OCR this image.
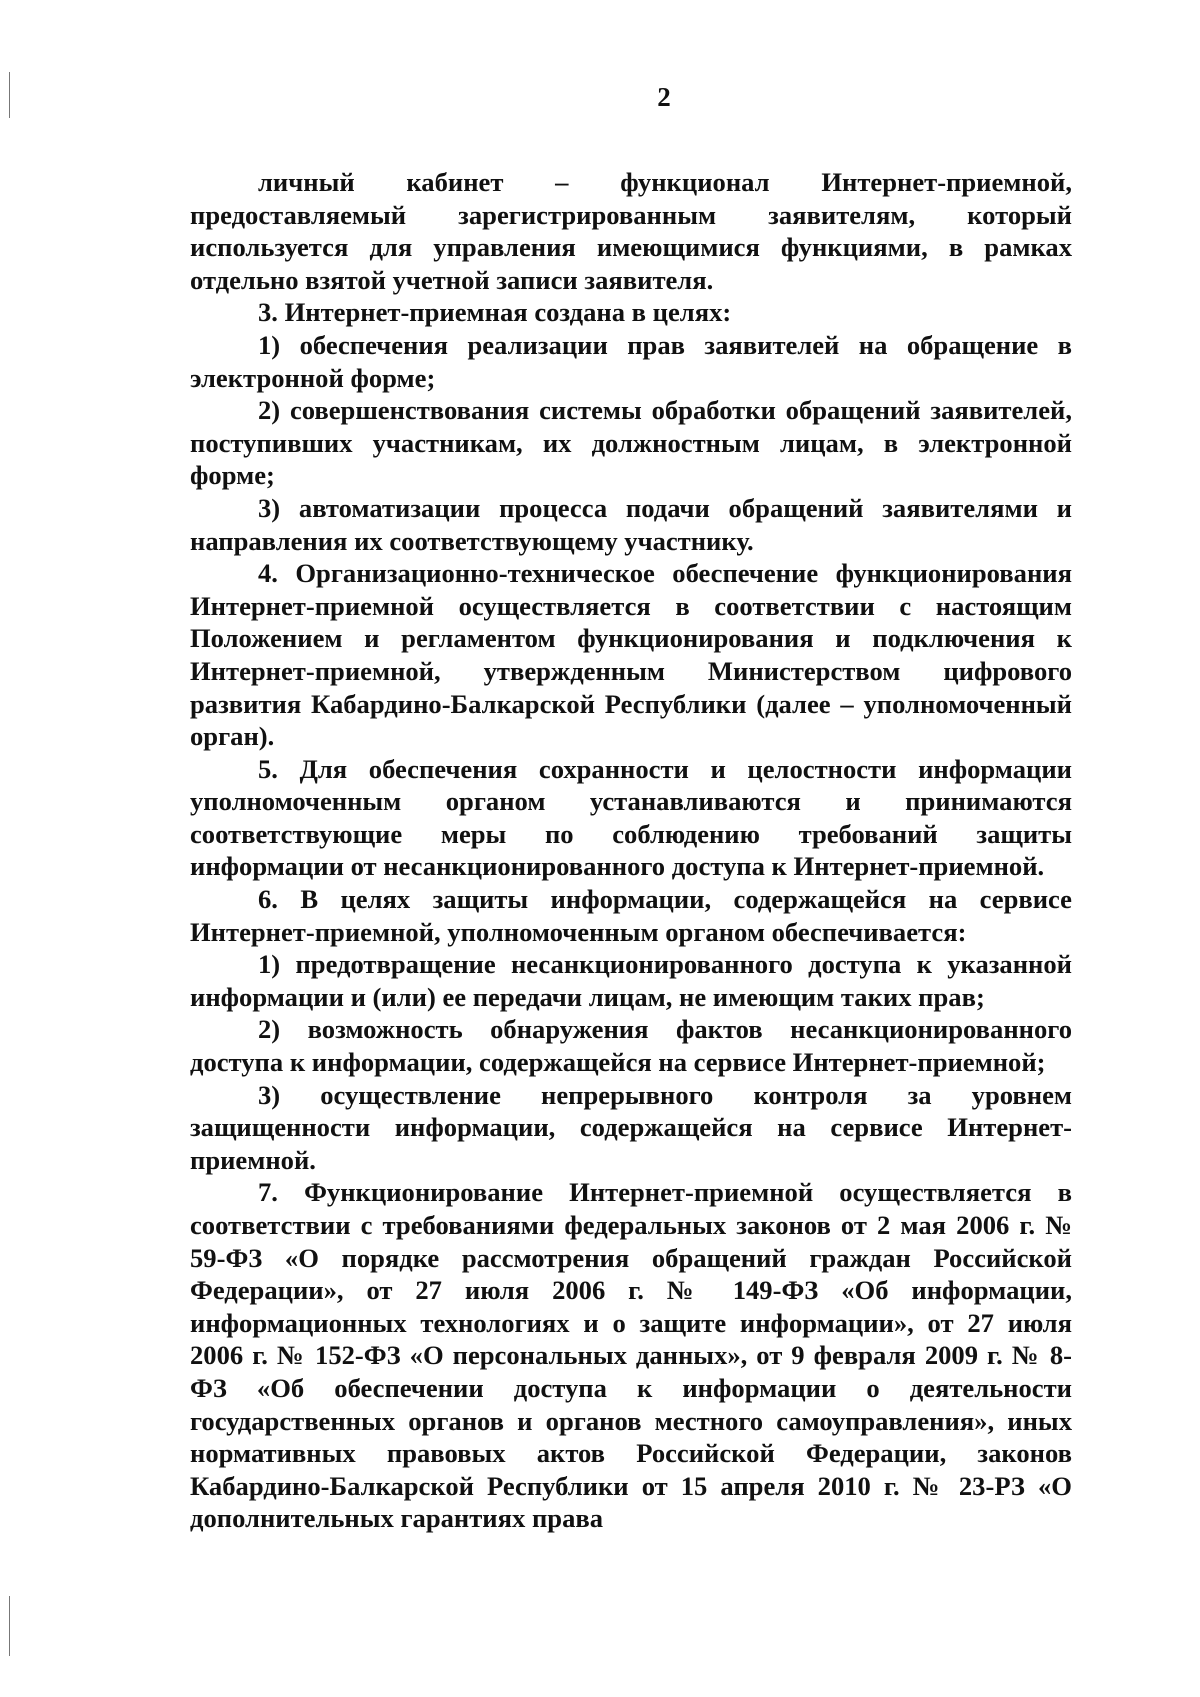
2

личный кабинет – функционал Интернет-приемной, предоставляемый зарегистрированным заявителям, который используется для управления имеющимися функциями, в рамках отдельно взятой учетной записи заявителя.

3. Интернет-приемная создана в целях:

1) обеспечения реализации прав заявителей на обращение в электронной форме;

2) совершенствования системы обработки обращений заявителей, поступивших участникам, их должностным лицам, в электронной форме;

3) автоматизации процесса подачи обращений заявителями и направления их соответствующему участнику.

4. Организационно-техническое обеспечение функционирования Интернет-приемной осуществляется в соответствии с настоящим Положением и регламентом функционирования и подключения к Интернет-приемной, утвержденным Министерством цифрового развития Кабардино-Балкарской Республики (далее – уполномоченный орган).

5. Для обеспечения сохранности и целостности информации уполномоченным органом устанавливаются и принимаются соответствующие меры по соблюдению требований защиты информации от несанкционированного доступа к Интернет-приемной.

6. В целях защиты информации, содержащейся на сервисе Интернет-приемной, уполномоченным органом обеспечивается:

1) предотвращение несанкционированного доступа к указанной информации и (или) ее передачи лицам, не имеющим таких прав;

2) возможность обнаружения фактов несанкционированного доступа к информации, содержащейся на сервисе Интернет-приемной;

3) осуществление непрерывного контроля за уровнем защищенности информации, содержащейся на сервисе Интернет-приемной.

7. Функционирование Интернет-приемной осуществляется в соответствии с требованиями федеральных законов от 2 мая 2006 г. № 59-ФЗ «О порядке рассмотрения обращений граждан Российской Федерации», от 27 июля 2006 г. № 149-ФЗ «Об информации, информационных технологиях и о защите информации», от 27 июля 2006 г. № 152-ФЗ «О персональных данных», от 9 февраля 2009 г. № 8-ФЗ «Об обеспечении доступа к информации о деятельности государственных органов и органов местного самоуправления», иных нормативных правовых актов Российской Федерации, законов Кабардино-Балкарской Республики от 15 апреля 2010 г. № 23-РЗ «О дополнительных гарантиях права
